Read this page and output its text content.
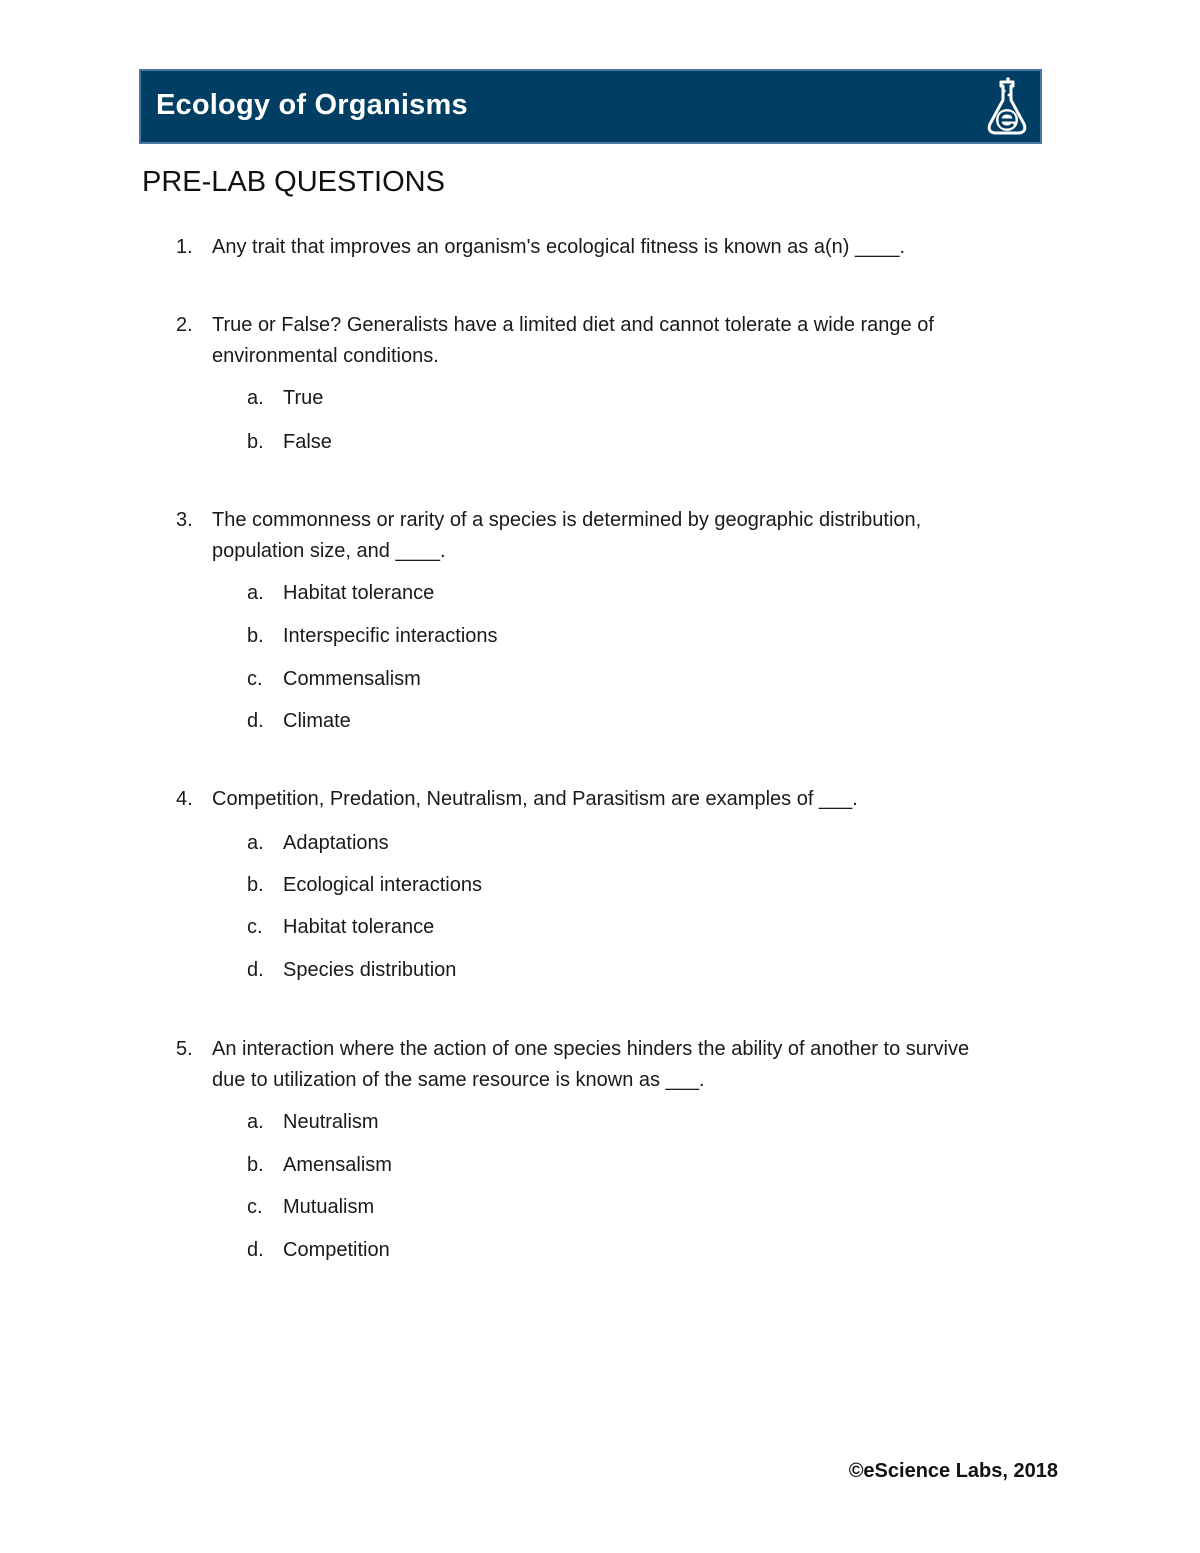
Ecology of Organisms
PRE-LAB QUESTIONS
1. Any trait that improves an organism's ecological fitness is known as a(n) ____.
2. True or False? Generalists have a limited diet and cannot tolerate a wide range of
environmental conditions.
a. True
b. False
3. The commonness or rarity of a species is determined by geographic distribution,
population size, and ____.
a. Habitat tolerance
b. Interspecific interactions
c. Commensalism
d. Climate
4. Competition, Predation, Neutralism, and Parasitism are examples of ___.
a. Adaptations
b. Ecological interactions
c. Habitat tolerance
d. Species distribution
5. An interaction where the action of one species hinders the ability of another to survive
due to utilization of the same resource is known as ___.
a. Neutralism
b. Amensalism
c. Mutualism
d. Competition
©eScience Labs, 2018
